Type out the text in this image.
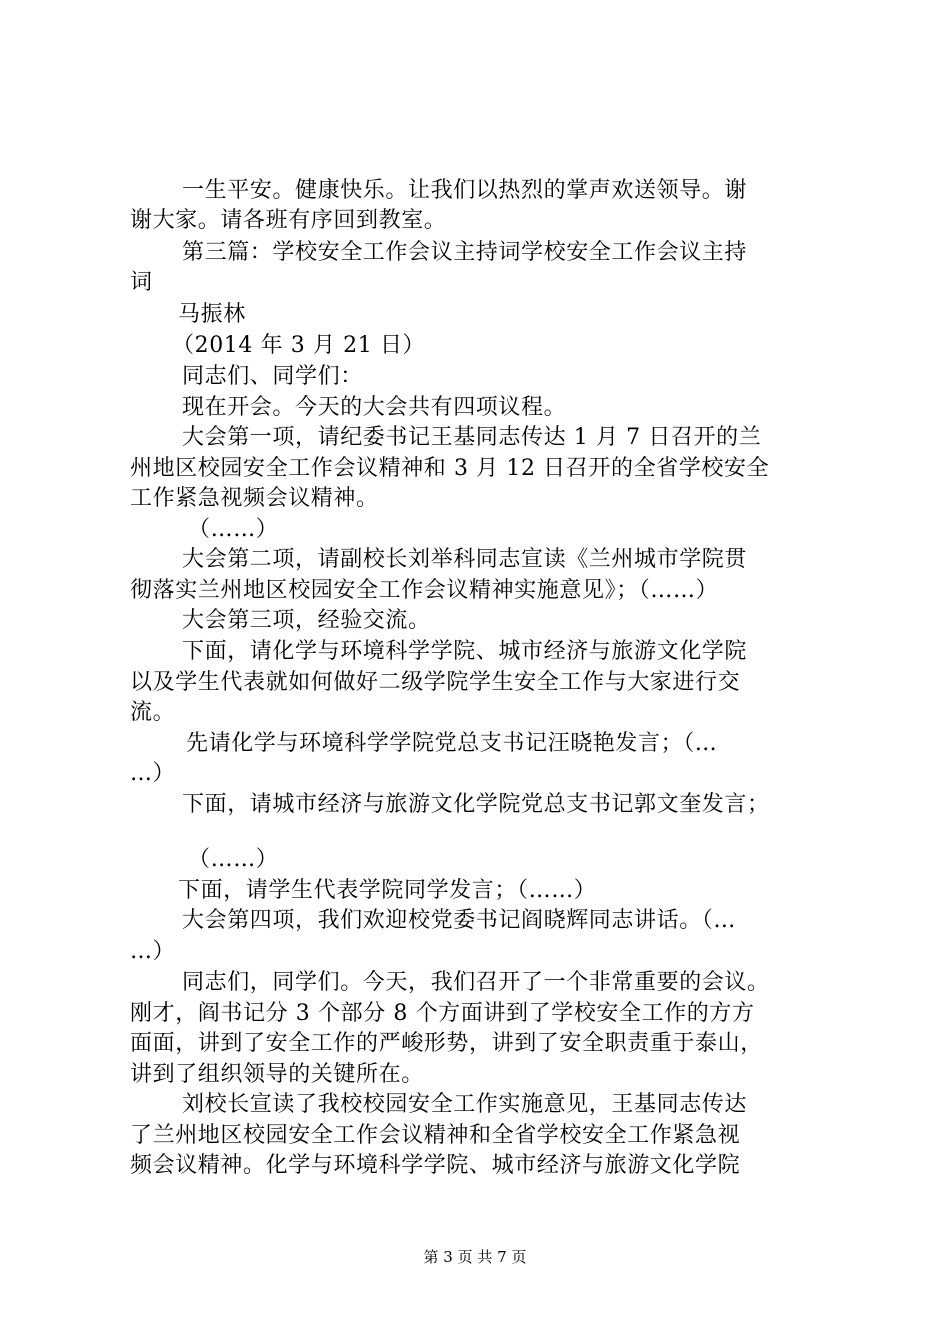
一生平安。健康快乐。让我们以热烈的掌声欢送领导。谢
谢大家。请各班有序回到教室。
第三篇：学校安全工作会议主持词学校安全工作会议主持
词
马振林
（2014 年 3 月 21 日）
同志们、同学们：
现在开会。今天的大会共有四项议程。
大会第一项，请纪委书记王基同志传达 1 月 7 日召开的兰
州地区校园安全工作会议精神和 3 月 12 日召开的全省学校安全
工作紧急视频会议精神。
（……）
大会第二项，请副校长刘举科同志宣读《兰州城市学院贯
彻落实兰州地区校园安全工作会议精神实施意见》；（……）
大会第三项，经验交流。
下面，请化学与环境科学学院、城市经济与旅游文化学院
以及学生代表就如何做好二级学院学生安全工作与大家进行交
流。
先请化学与环境科学学院党总支书记汪晓艳发言；（…
…）
下面，请城市经济与旅游文化学院党总支书记郭文奎发言；
（……）
下面，请学生代表学院同学发言；（……）
大会第四项，我们欢迎校党委书记阎晓辉同志讲话。（…
…）
同志们，同学们。今天，我们召开了一个非常重要的会议。
刚才，阎书记分 3 个部分 8 个方面讲到了学校安全工作的方方
面面，讲到了安全工作的严峻形势，讲到了安全职责重于泰山，
讲到了组织领导的关键所在。
刘校长宣读了我校校园安全工作实施意见，王基同志传达
了兰州地区校园安全工作会议精神和全省学校安全工作紧急视
频会议精神。化学与环境科学学院、城市经济与旅游文化学院
第 3 页 共 7 页
